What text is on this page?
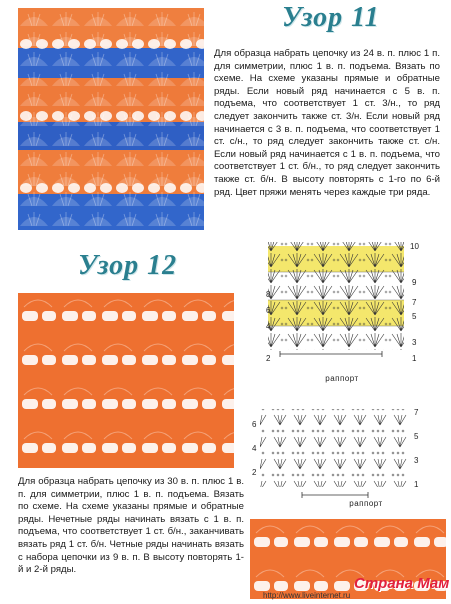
Узор 11
Для образца набрать цепочку из 24 в. п. плюс 1 п. для симметрии, плюс 1 в. п. подъема. Вязать по схеме. На схеме указаны прямые и обратные ряды. Если новый ряд начинается с 5 в. п. подъема, что соответствует 1 ст. 3/н., то ряд следует закончить также ст. 3/н. Если новый ряд начинается с 3 в. п. подъема, что соответствует 1 ст. с/н., то ряд следует закончить также ст. с/н. Если новый ряд начинается с 1 в. п. подъема, что соответствует 1 ст. б/н., то ряд следует закончить также ст. б/н. В высоту повторять с 1-го по 6-й ряд. Цвет пряжи менять через каждые три ряда.
10
9
8
7
6
5
4
3
2	1
раппорт
Узор 12
7
6
5
4
3
2
1
раппорт
Для образца набрать цепочку из 30 в. п. плюс 1 в. п. для симметрии, плюс 1 в. п. подъема. Вязать по схеме. На схеме указаны прямые и обратные ряды. Нечетные ряды начинать вязать с 1 в. п. подъема, что соответствует 1 ст. б/н., заканчивать вязать ряд 1 ст. б/н. Четные ряды начинать вязать с набора цепочки из 9 в. п. В высоту повторять 1-й и 2-й ряды.
http://www.liveinternet.ru
Страна Мам
